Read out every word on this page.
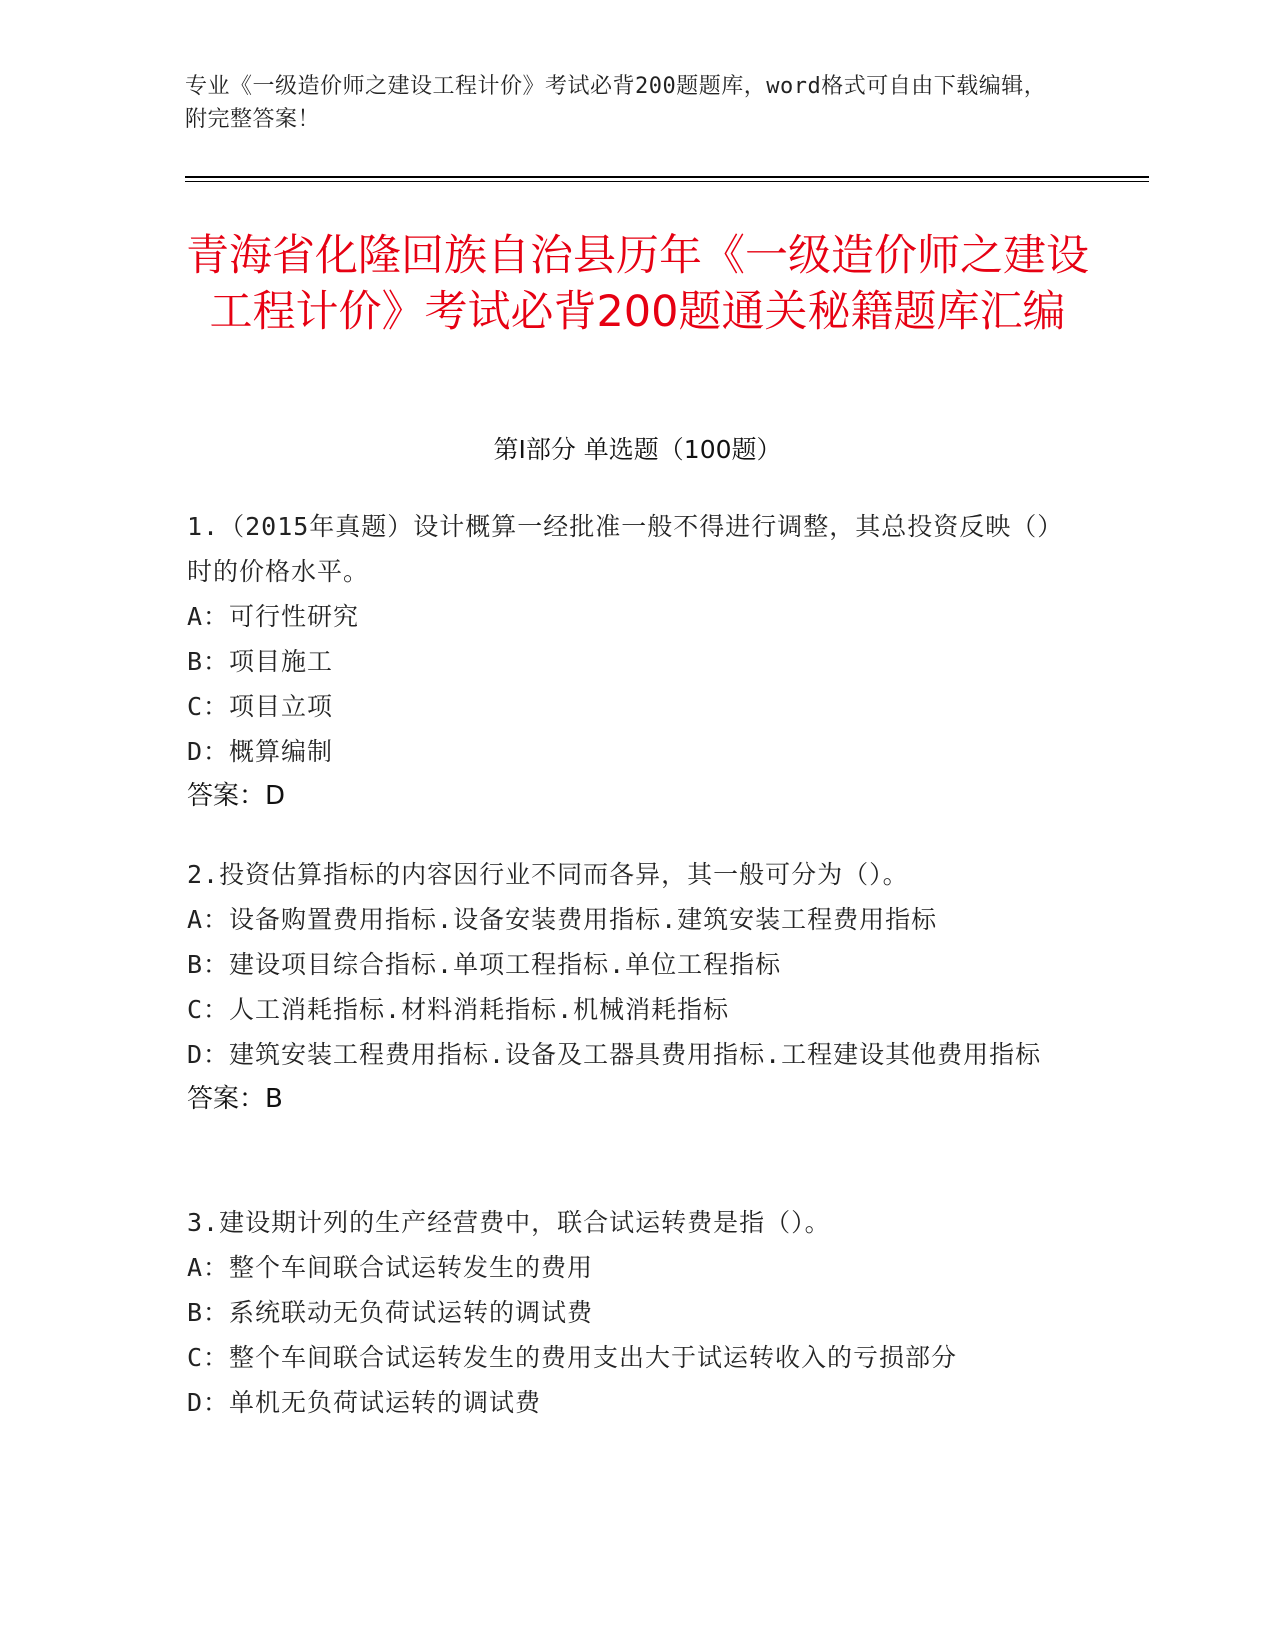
专业《一级造价师之建设工程计价》考试必背200题题库，word格式可自由下载编辑，附完整答案！
青海省化隆回族自治县历年《一级造价师之建设工程计价》考试必背200题通关秘籍题库汇编
第Ⅰ部分 单选题（100题）
1.（2015年真题）设计概算一经批准一般不得进行调整，其总投资反映（）时的价格水平。
A：可行性研究
B：项目施工
C：项目立项
D：概算编制
答案：D
2.投资估算指标的内容因行业不同而各异，其一般可分为（）。
A：设备购置费用指标.设备安装费用指标.建筑安装工程费用指标
B：建设项目综合指标.单项工程指标.单位工程指标
C：人工消耗指标.材料消耗指标.机械消耗指标
D：建筑安装工程费用指标.设备及工器具费用指标.工程建设其他费用指标
答案：B
3.建设期计列的生产经营费中，联合试运转费是指（）。
A：整个车间联合试运转发生的费用
B：系统联动无负荷试运转的调试费
C：整个车间联合试运转发生的费用支出大于试运转收入的亏损部分
D：单机无负荷试运转的调试费
